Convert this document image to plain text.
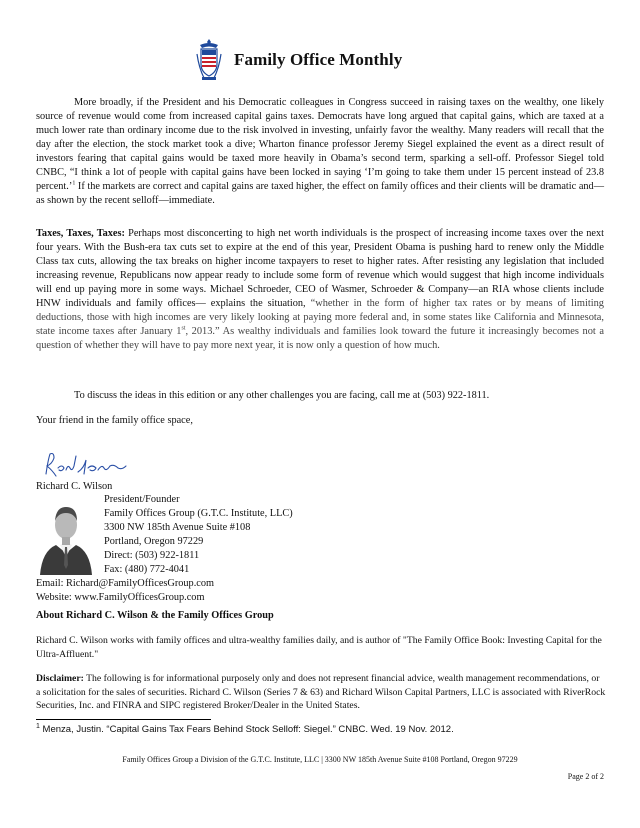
Family Office Monthly
More broadly, if the President and his Democratic colleagues in Congress succeed in raising taxes on the wealthy, one likely source of revenue would come from increased capital gains taxes. Democrats have long argued that capital gains, which are taxed at a much lower rate than ordinary income due to the risk involved in investing, unfairly favor the wealthy. Many readers will recall that the day after the election, the stock market took a dive; Wharton finance professor Jeremy Siegel explained the event as a direct result of investors fearing that capital gains would be taxed more heavily in Obama’s second term, sparking a sell-off. Professor Siegel told CNBC, “I think a lot of people with capital gains have been locked in saying ‘I’m going to take them under 15 percent instead of 23.8 percent.’$^1$ If the markets are correct and capital gains are taxed higher, the effect on family offices and their clients will be dramatic and—as shown by the recent selloff—immediate.
Taxes, Taxes, Taxes: Perhaps most disconcerting to high net worth individuals is the prospect of increasing income taxes over the next four years. With the Bush-era tax cuts set to expire at the end of this year, President Obama is pushing hard to renew only the Middle Class tax cuts, allowing the tax breaks on higher income taxpayers to reset to higher rates. After resisting any legislation that included increasing revenue, Republicans now appear ready to include some form of revenue which would suggest that high income individuals will end up paying more in some ways. Michael Schroeder, CEO of Wasmer, Schroeder & Company—an RIA whose clients include HNW individuals and family offices— explains the situation, “whether in the form of higher tax rates or by means of limiting deductions, those with high incomes are very likely looking at paying more federal and, in some states like California and Minnesota, state income taxes after January 1st, 2013.” As wealthy individuals and families look toward the future it increasingly becomes not a question of whether they will have to pay more next year, it is now only a question of how much.
To discuss the ideas in this edition or any other challenges you are facing, call me at (503) 922-1811.
Your friend in the family office space,
Richard C. Wilson
President/Founder
Family Offices Group (G.T.C. Institute, LLC)
3300 NW 185th Avenue Suite #108
Portland, Oregon 97229
Direct: (503) 922-1811
Fax: (480) 772-4041
Email: Richard@FamilyOfficesGroup.com
Website: www.FamilyOfficesGroup.com
About Richard C. Wilson & the Family Offices Group
Richard C. Wilson works with family offices and ultra-wealthy families daily, and is author of "The Family Office Book: Investing Capital for the Ultra-Affluent."
Disclaimer: The following is for informational purposely only and does not represent financial advice, wealth management recommendations, or a solicitation for the sales of securities. Richard C. Wilson (Series 7 & 63) and Richard Wilson Capital Partners, LLC is associated with RiverRock Securities, Inc. and FINRA and SIPC registered Broker/Dealer in the United States.
$^1$ Menza, Justin. “Capital Gains Tax Fears Behind Stock Selloff: Siegel.” CNBC. Wed. 19 Nov. 2012.
Family Offices Group a Division of the G.T.C. Institute, LLC | 3300 NW 185th Avenue Suite #108 Portland, Oregon 97229
Page 2 of 2
